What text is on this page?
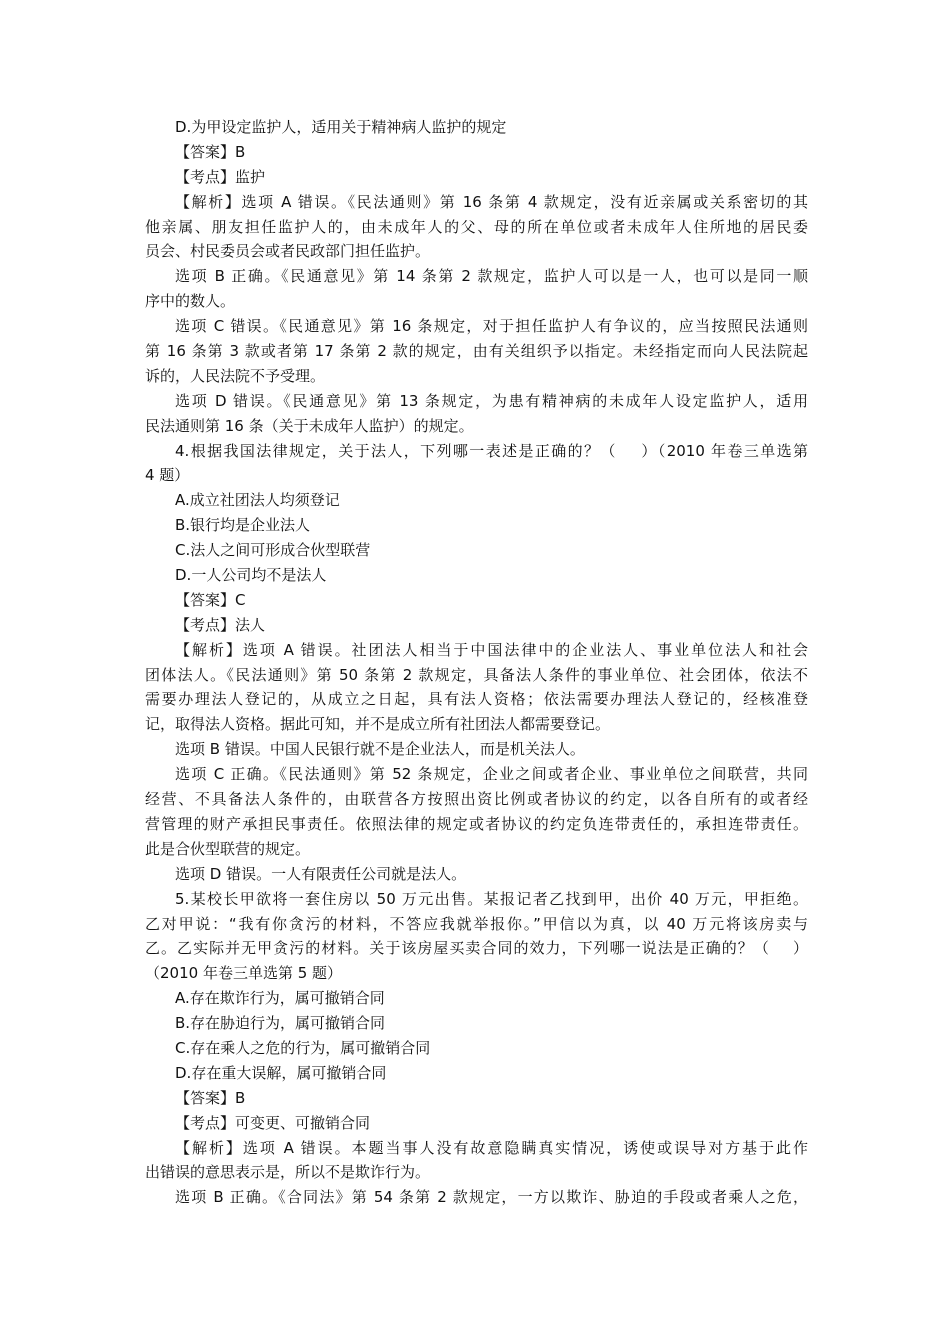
D.为甲设定监护人，适用关于精神病人监护的规定
【答案】B
【考点】监护
【解析】选项 A 错误。《民法通则》第 16 条第 4 款规定，没有近亲属或关系密切的其
他亲属、朋友担任监护人的，由未成年人的父、母的所在单位或者未成年人住所地的居民委
员会、村民委员会或者民政部门担任监护。
选项 B 正确。《民通意见》第 14 条第 2 款规定，监护人可以是一人，也可以是同一顺
序中的数人。
选项 C 错误。《民通意见》第 16 条规定，对于担任监护人有争议的，应当按照民法通则
第 16 条第 3 款或者第 17 条第 2 款的规定，由有关组织予以指定。未经指定而向人民法院起
诉的，人民法院不予受理。
选项 D 错误。《民通意见》第 13 条规定，为患有精神病的未成年人设定监护人，适用
民法通则第 16 条（关于未成年人监护）的规定。
4.根据我国法律规定，关于法人，下列哪一表述是正确的？（    ）（2010 年卷三单选第
4 题）
A.成立社团法人均须登记
B.银行均是企业法人
C.法人之间可形成合伙型联营
D.一人公司均不是法人
【答案】C
【考点】法人
【解析】选项 A 错误。社团法人相当于中国法律中的企业法人、事业单位法人和社会
团体法人。《民法通则》第 50 条第 2 款规定，具备法人条件的事业单位、社会团体，依法不
需要办理法人登记的，从成立之日起，具有法人资格；依法需要办理法人登记的，经核准登
记，取得法人资格。据此可知，并不是成立所有社团法人都需要登记。
选项 B 错误。中国人民银行就不是企业法人，而是机关法人。
选项 C 正确。《民法通则》第 52 条规定，企业之间或者企业、事业单位之间联营，共同
经营、不具备法人条件的，由联营各方按照出资比例或者协议的约定，以各自所有的或者经
营管理的财产承担民事责任。依照法律的规定或者协议的约定负连带责任的，承担连带责任。
此是合伙型联营的规定。
选项 D 错误。一人有限责任公司就是法人。
5.某校长甲欲将一套住房以 50 万元出售。某报记者乙找到甲，出价 40 万元，甲拒绝。
乙对甲说：“我有你贪污的材料，不答应我就举报你。”甲信以为真，以 40 万元将该房卖与
乙。乙实际并无甲贪污的材料。关于该房屋买卖合同的效力，下列哪一说法是正确的？（    ）
（2010 年卷三单选第 5 题）
A.存在欺诈行为，属可撤销合同
B.存在胁迫行为，属可撤销合同
C.存在乘人之危的行为，属可撤销合同
D.存在重大误解，属可撤销合同
【答案】B
【考点】可变更、可撤销合同
【解析】选项 A 错误。本题当事人没有故意隐瞒真实情况，诱使或误导对方基于此作
出错误的意思表示是，所以不是欺诈行为。
选项 B 正确。《合同法》第 54 条第 2 款规定，一方以欺诈、胁迫的手段或者乘人之危，
